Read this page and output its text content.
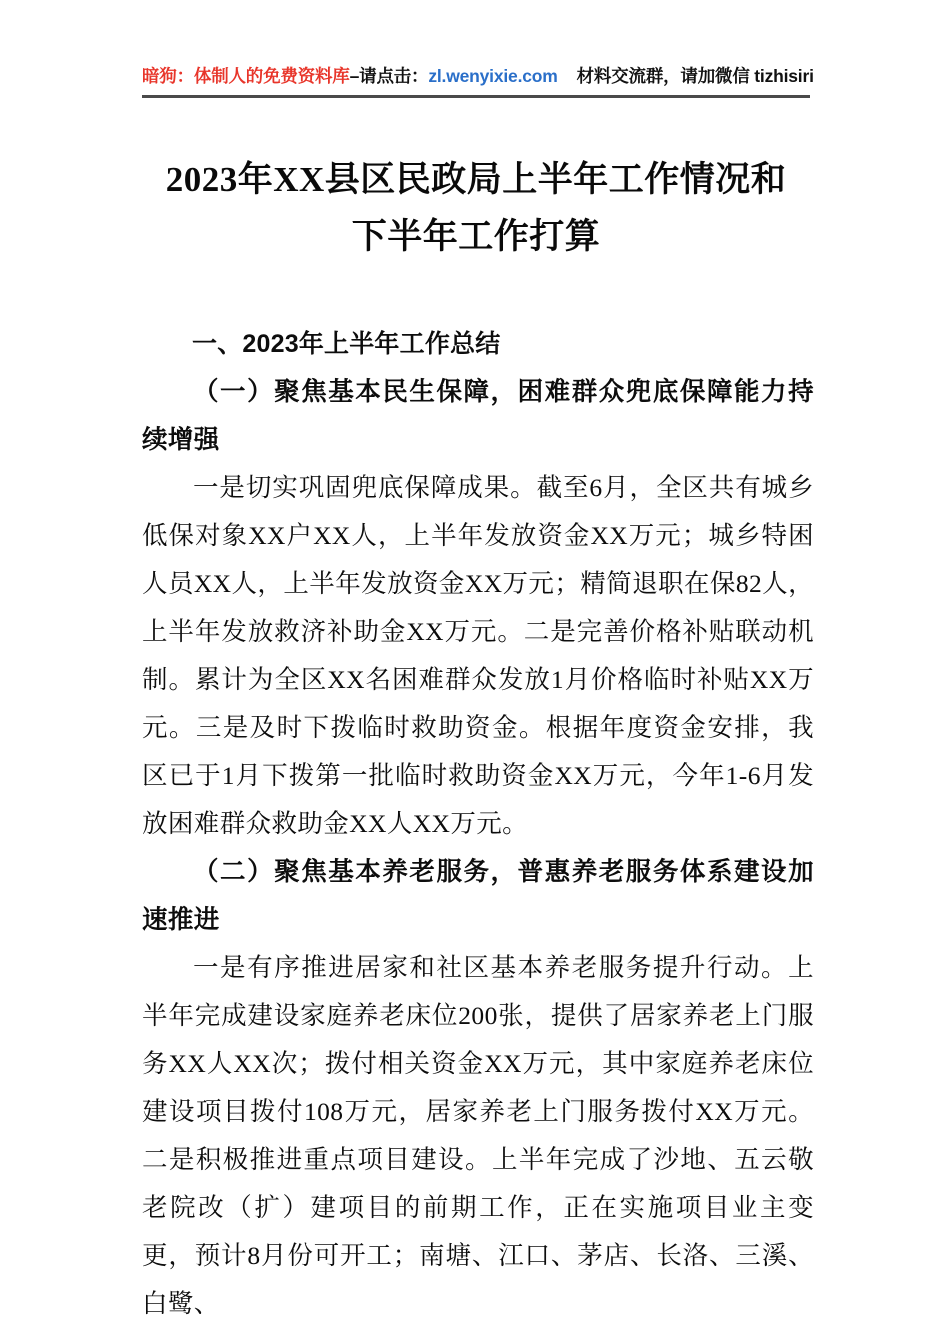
暗狗：体制人的免费资料库 –请点击： zl.wenyixie.com 材料交流群，请加微信 tizhisiri
2023年XX县区民政局上半年工作情况和
下半年工作打算

一、2023年上半年工作总结

（一）聚焦基本民生保障，困难群众兜底保障能力持续增强

一是切实巩固兜底保障成果。截至6月，全区共有城乡低保对象XX户XX人，上半年发放资金XX万元；城乡特困人员XX人，上半年发放资金XX万元；精简退职在保82人，上半年发放救济补助金XX万元。二是完善价格补贴联动机制。累计为全区XX名困难群众发放1月价格临时补贴XX万元。三是及时下拨临时救助资金。根据年度资金安排，我区已于1月下拨第一批临时救助资金XX万元，今年1-6月发放困难群众救助金XX人XX万元。

（二）聚焦基本养老服务，普惠养老服务体系建设加速推进

一是有序推进居家和社区基本养老服务提升行动。上半年完成建设家庭养老床位200张，提供了居家养老上门服务XX人XX次；拨付相关资金XX万元，其中家庭养老床位建设项目拨付108万元，居家养老上门服务拨付XX万元。二是积极推进重点项目建设。上半年完成了沙地、五云敬老院改（扩）建项目的前期工作，正在实施项目业主变更，预计8月份可开工；南塘、江口、茅店、长洛、三溪、白鹭、
